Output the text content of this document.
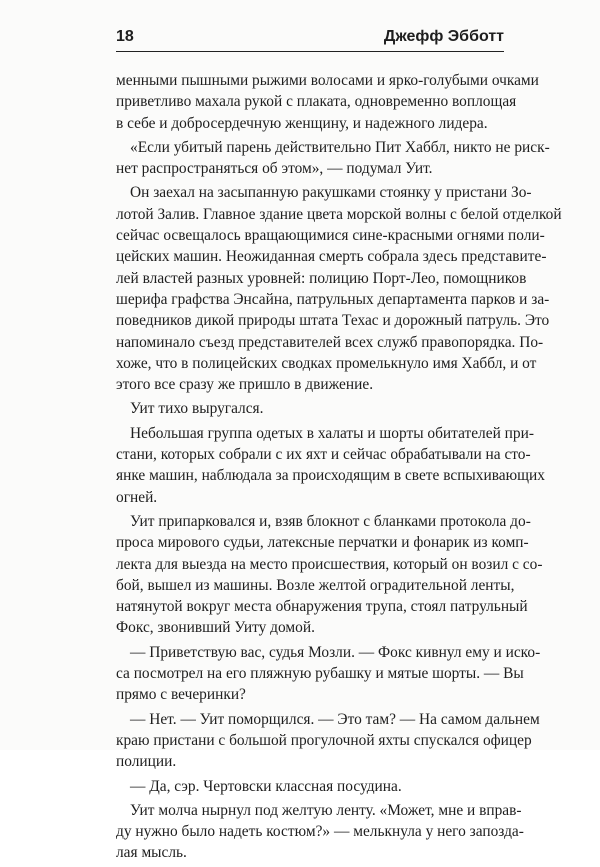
18	Джефф Эбботт
менными пышными рыжими волосами и ярко-голубыми очками
приветливо махала рукой с плаката, одновременно воплощая
в себе и добросердечную женщину, и надежного лидера.
«Если убитый парень действительно Пит Хаббл, никто не риск-
нет распространяться об этом», — подумал Уит.
Он заехал на засыпанную ракушками стоянку у пристани Зо-
лотой Залив. Главное здание цвета морской волны с белой отделкой
сейчас освещалось вращающимися сине-красными огнями поли-
цейских машин. Неожиданная смерть собрала здесь представите-
лей властей разных уровней: полицию Порт-Лео, помощников
шерифа графства Энсайна, патрульных департамента парков и за-
поведников дикой природы штата Техас и дорожный патруль. Это
напоминало съезд представителей всех служб правопорядка. По-
хоже, что в полицейских сводках промелькнуло имя Хаббл, и от
этого все сразу же пришло в движение.
Уит тихо выругался.
Небольшая группа одетых в халаты и шорты обитателей при-
стани, которых собрали с их яхт и сейчас обрабатывали на сто-
янке машин, наблюдала за происходящим в свете вспыхивающих
огней.
Уит припарковался и, взяв блокнот с бланками протокола до-
проса мирового судьи, латексные перчатки и фонарик из комп-
лекта для выезда на место происшествия, который он возил с со-
бой, вышел из машины. Возле желтой оградительной ленты,
натянутой вокруг места обнаружения трупа, стоял патрульный
Фокс, звонивший Уиту домой.
— Приветствую вас, судья Мозли. — Фокс кивнул ему и иско-
са посмотрел на его пляжную рубашку и мятые шорты. — Вы
прямо с вечеринки?
— Нет. — Уит поморщился. — Это там? — На самом дальнем
краю пристани с большой прогулочной яхты спускался офицер
полиции.
— Да, сэр. Чертовски классная посудина.
Уит молча нырнул под желтую ленту. «Может, мне и вправ-
ду нужно было надеть костюм?» — мелькнула у него запозда-
лая мысль.
